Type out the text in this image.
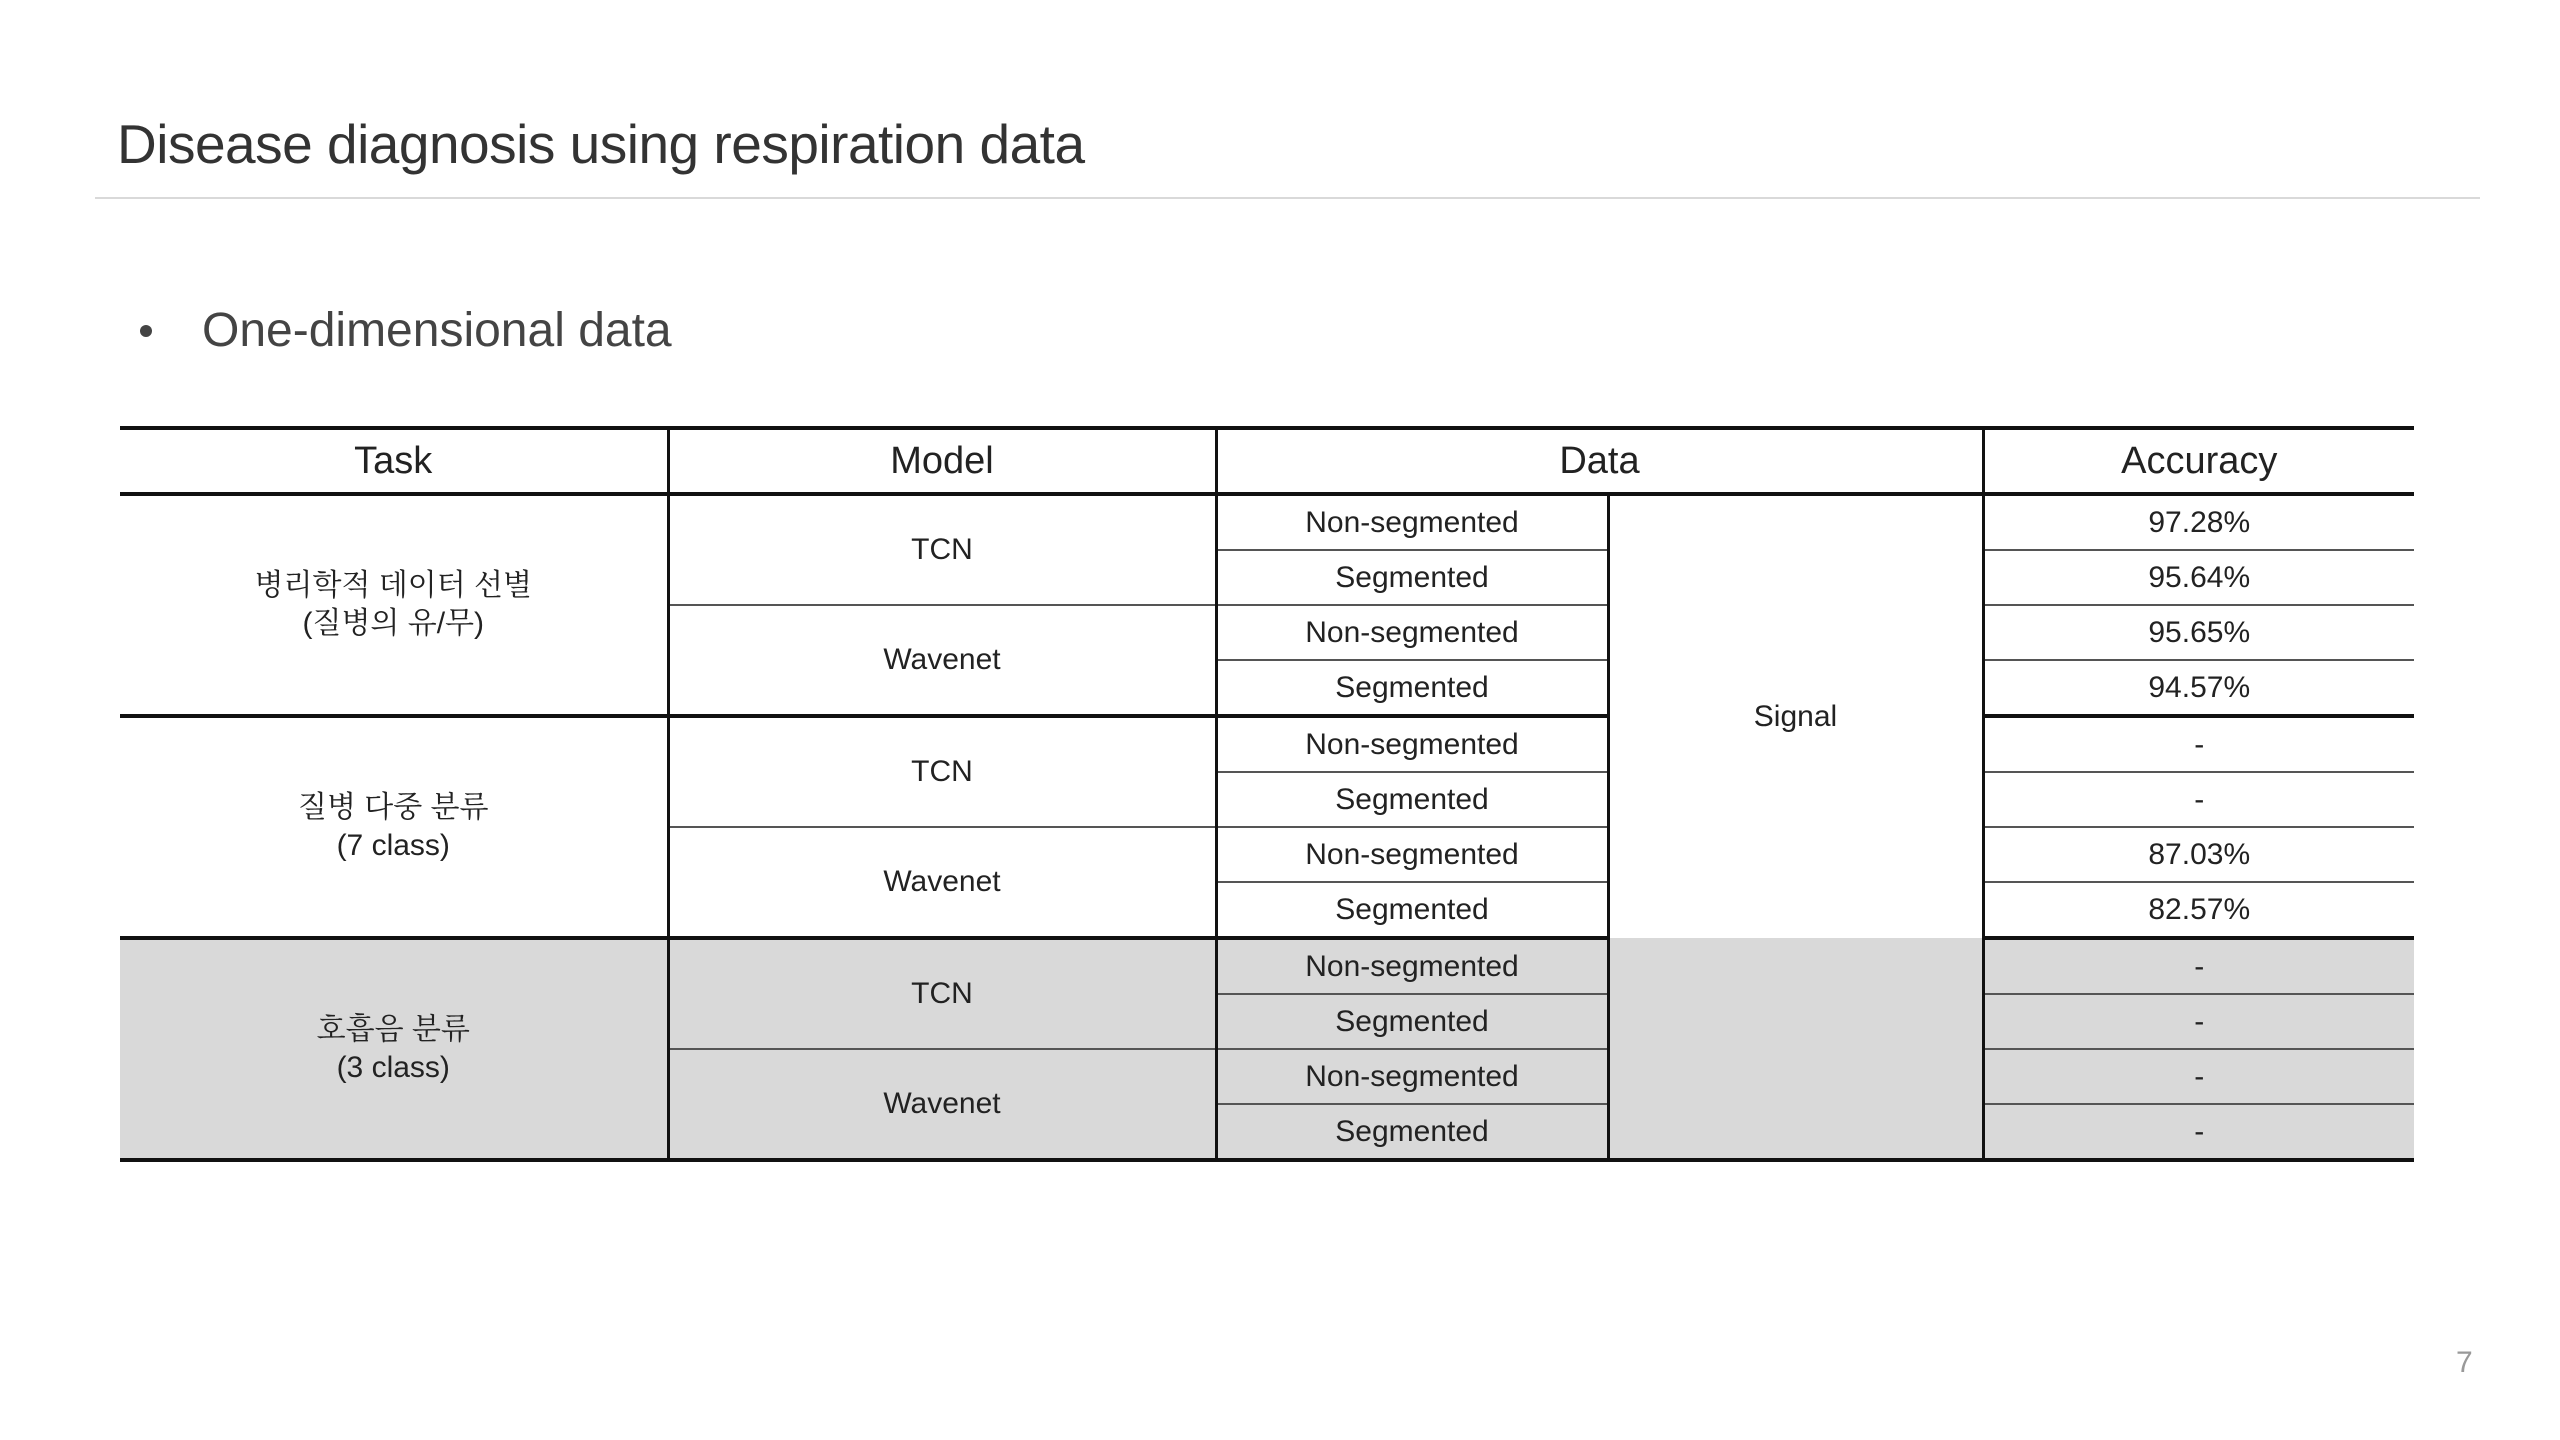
Disease diagnosis using respiration data
One-dimensional data
Task	Model	Data		Accuracy
병리학적 데이터 선별
(질병의 유/무)	TCN	Non-segmented	Signal	97.28%
		Segmented		95.64%
	Wavenet	Non-segmented		95.65%
		Segmented		94.57%
질병 다중 분류
(7 class)	TCN	Non-segmented		-
		Segmented		-
	Wavenet	Non-segmented		87.03%
		Segmented		82.57%
호흡음 분류
(3 class)	TCN	Non-segmented		-
		Segmented		-
	Wavenet	Non-segmented		-
		Segmented		-
7
